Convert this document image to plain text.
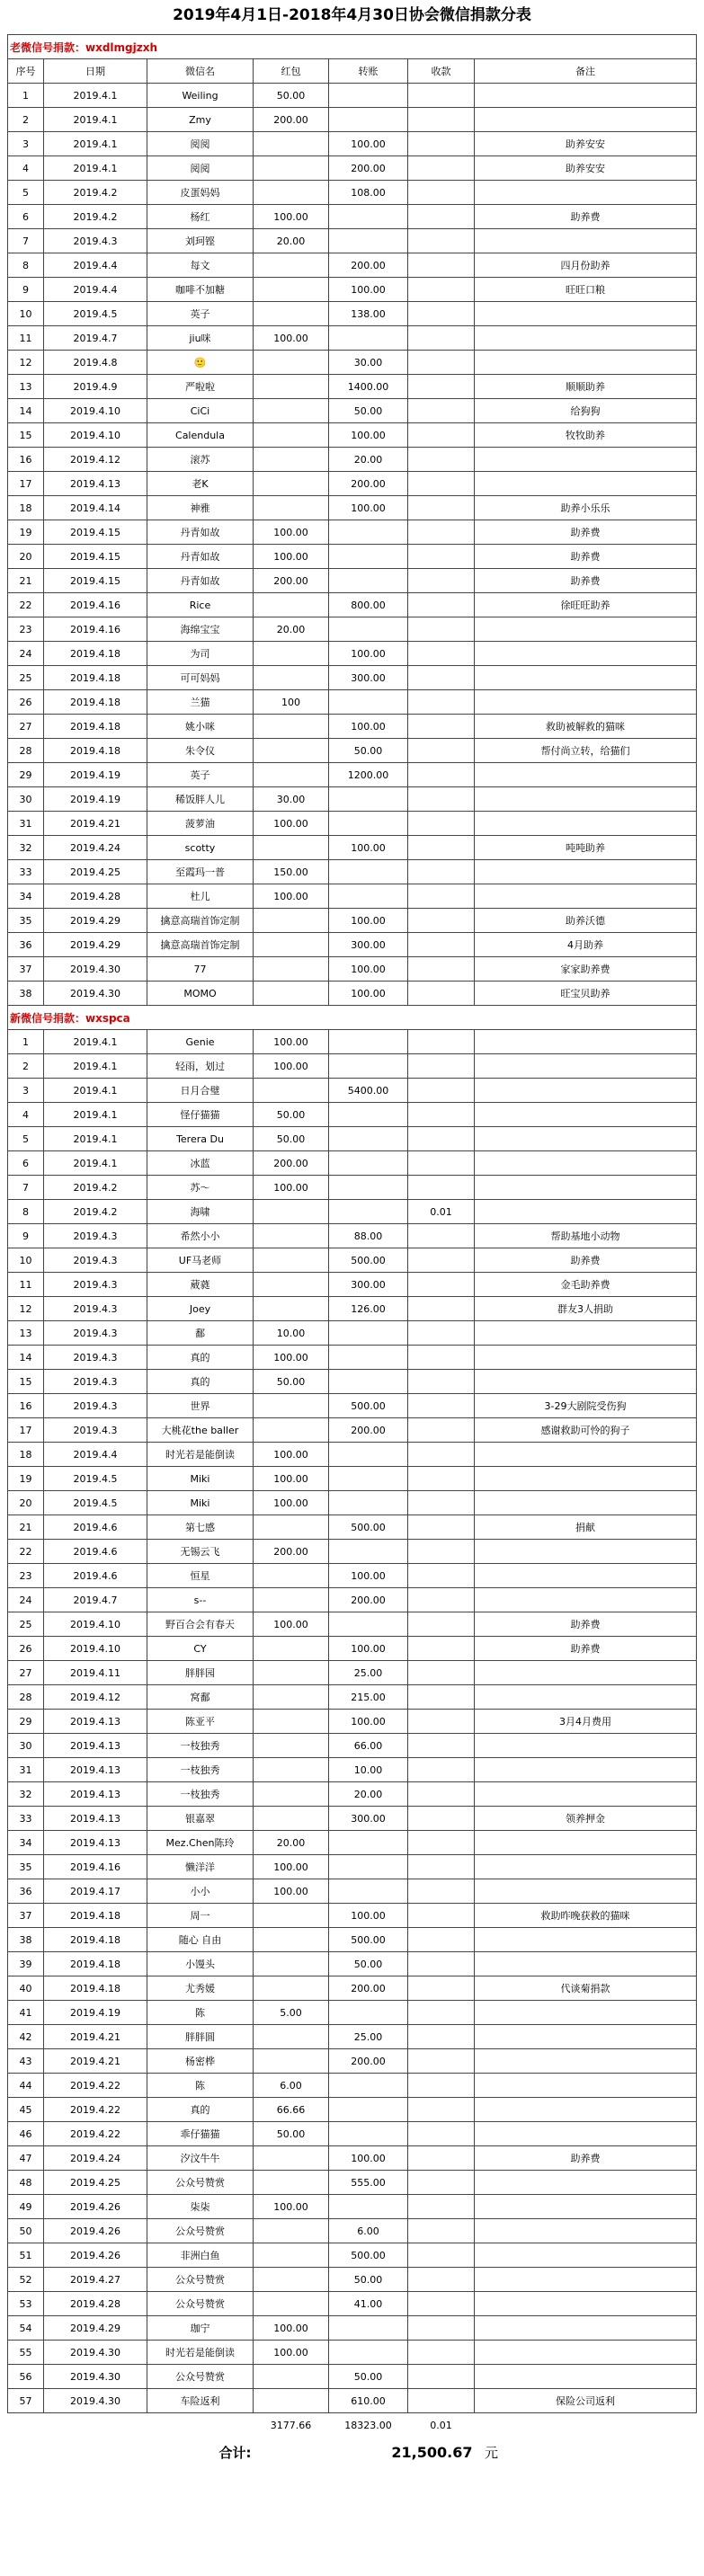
2019年4月1日-2018年4月30日协会微信捐款分表
老微信号捐款：wxdlmgjzxh						
序号	日期	微信名	红包	转账	收款	备注
1	2019.4.1	Weiling	50.00			
2	2019.4.1	Zmy	200.00			
3	2019.4.1	阅阅		100.00		助养安安
4	2019.4.1	阅阅		200.00		助养安安
5	2019.4.2	皮蛋妈妈		108.00		
6	2019.4.2	杨红	100.00			助养费
7	2019.4.3	刘珂铿	20.00			
8	2019.4.4	每文		200.00		四月份助养
9	2019.4.4	咖啡不加糖		100.00		旺旺口粮
10	2019.4.5	英子		138.00		
11	2019.4.7	jiu咪	100.00			
12	2019.4.8	🙂		30.00		
13	2019.4.9	严啦啦		1400.00		顺顺助养
14	2019.4.10	CiCi		50.00		给狗狗
15	2019.4.10	Calendula		100.00		牧牧助养
16	2019.4.12	滚苏		20.00		
17	2019.4.13	老K		200.00		
18	2019.4.14	神雅		100.00		助养小乐乐
19	2019.4.15	丹青如故	100.00			助养费
20	2019.4.15	丹青如故	100.00			助养费
21	2019.4.15	丹青如故	200.00			助养费
22	2019.4.16	Rice		800.00		徐旺旺助养
23	2019.4.16	海绵宝宝	20.00			
24	2019.4.18	为司		100.00		
25	2019.4.18	可可妈妈		300.00		
26	2019.4.18	兰猫	100			
27	2019.4.18	姚小咪		100.00		救助被解救的猫咪
28	2019.4.18	朱令仪		50.00		帮付尚立转，给猫们
29	2019.4.19	英子		1200.00		
30	2019.4.19	稀饭胖人儿	30.00			
31	2019.4.21	菠萝油	100.00			
32	2019.4.24	scotty		100.00		吨吨助养
33	2019.4.25	至霞玛一普	150.00			
34	2019.4.28	杜儿	100.00			
35	2019.4.29	擒意高瑞首饰定制		100.00		助养沃德
36	2019.4.29	擒意高瑞首饰定制		300.00		4月助养
37	2019.4.30	77		100.00		家家助养费
38	2019.4.30	MOMO		100.00		旺宝贝助养
新微信号捐款：wxspca						
1	2019.4.1	Genie	100.00			
2	2019.4.1	轻雨，划过	100.00			
3	2019.4.1	日月合璧		5400.00		
4	2019.4.1	怪仔猫猫	50.00			
5	2019.4.1	Terera Du	50.00			
6	2019.4.1	冰蓝	200.00			
7	2019.4.2	苏～	100.00			
8	2019.4.2	海啸			0.01	
9	2019.4.3	希然小小		88.00		帮助基地小动物
10	2019.4.3	UF马老师		500.00		助养费
11	2019.4.3	葳蕤		300.00		金毛助养费
12	2019.4.3	Joey		126.00		群友3人捐助
13	2019.4.3	鄱	10.00			
14	2019.4.3	真的	100.00			
15	2019.4.3	真的	50.00			
16	2019.4.3	世界		500.00		3-29大剧院受伤狗
17	2019.4.3	大桃花the baller		200.00		感谢救助可怜的狗子
18	2019.4.4	时光若是能倒读	100.00			
19	2019.4.5	Miki	100.00			
20	2019.4.5	Miki	100.00			
21	2019.4.6	第七感		500.00		捐献
22	2019.4.6	无锡云飞	200.00			
23	2019.4.6	恒星		100.00		
24	2019.4.7	s--		200.00		
25	2019.4.10	野百合会有春天	100.00			助养费
26	2019.4.10	CY		100.00		助养费
27	2019.4.11	胖胖园		25.00		
28	2019.4.12	窝鄱		215.00		
29	2019.4.13	陈亚平		100.00		3月4月费用
30	2019.4.13	一枝独秀		66.00		
31	2019.4.13	一枝独秀		10.00		
32	2019.4.13	一枝独秀		20.00		
33	2019.4.13	银嘉翠		300.00		领养押金
34	2019.4.13	Mez.Chen陈玲	20.00			
35	2019.4.16	懒洋洋	100.00			
36	2019.4.17	小小	100.00			
37	2019.4.18	周一		100.00		救助昨晚获救的猫咪
38	2019.4.18	随心 自由		500.00		
39	2019.4.18	小馒头		50.00		
40	2019.4.18	尤秀媛		200.00		代谈菊捐款
41	2019.4.19	陈	5.00			
42	2019.4.21	胖胖圆		25.00		
43	2019.4.21	杨密桦		200.00		
44	2019.4.22	陈	6.00			
45	2019.4.22	真的	66.66			
46	2019.4.22	乖仔猫猫	50.00			
47	2019.4.24	汐汶牛牛		100.00		助养费
48	2019.4.25	公众号赞赏		555.00		
49	2019.4.26	柒柒	100.00			
50	2019.4.26	公众号赞赏		6.00		
51	2019.4.26	非洲白鱼		500.00		
52	2019.4.27	公众号赞赏		50.00		
53	2019.4.28	公众号赞赏		41.00		
54	2019.4.29	珈宁	100.00			
55	2019.4.30	时光若是能倒读	100.00			
56	2019.4.30	公众号赞赏		50.00		
57	2019.4.30	车险返利		610.00		保险公司返利
			3177.66	18323.00	0.01	
		合计:	21,500.67			元
